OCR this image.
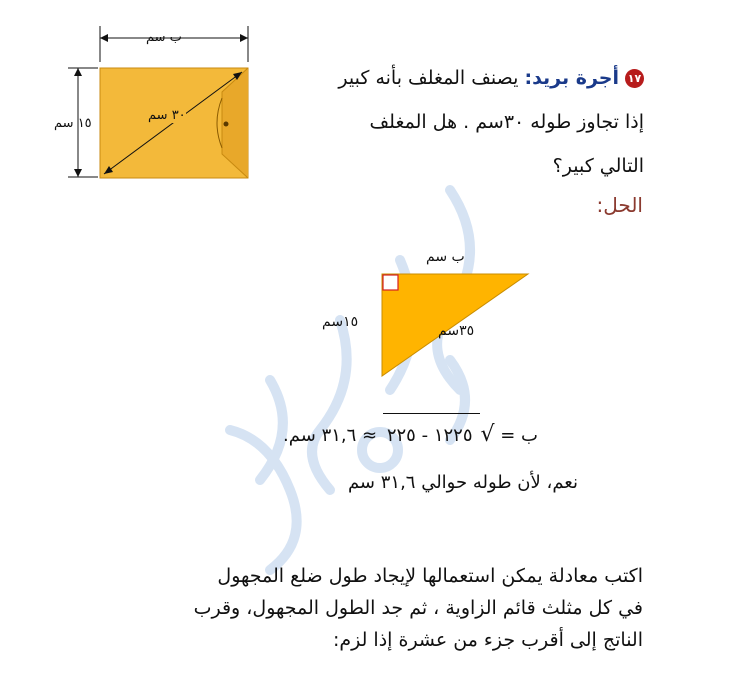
ب سم
١٥ سم
٣٠ سم
١٧أجرة بريد: يصنف المغلف بأنه كبير
إذا تجاوز طوله ٣٠سم . هل المغلف
التالي كبير؟
الحل:
ب سم
١٥سم
٣٥سم
≈ ٣١,٦ سم. ١٢٢٥ - ٢٢٥ √ ب =
نعم، لأن طوله حوالي ٣١,٦ سم
اكتب معادلة يمكن استعمالها لإيجاد طول ضلع المجهول
في كل مثلث قائم الزاوية ، ثم جد الطول المجهول، وقرب
الناتج إلى أقرب جزء من عشرة إذا لزم:
